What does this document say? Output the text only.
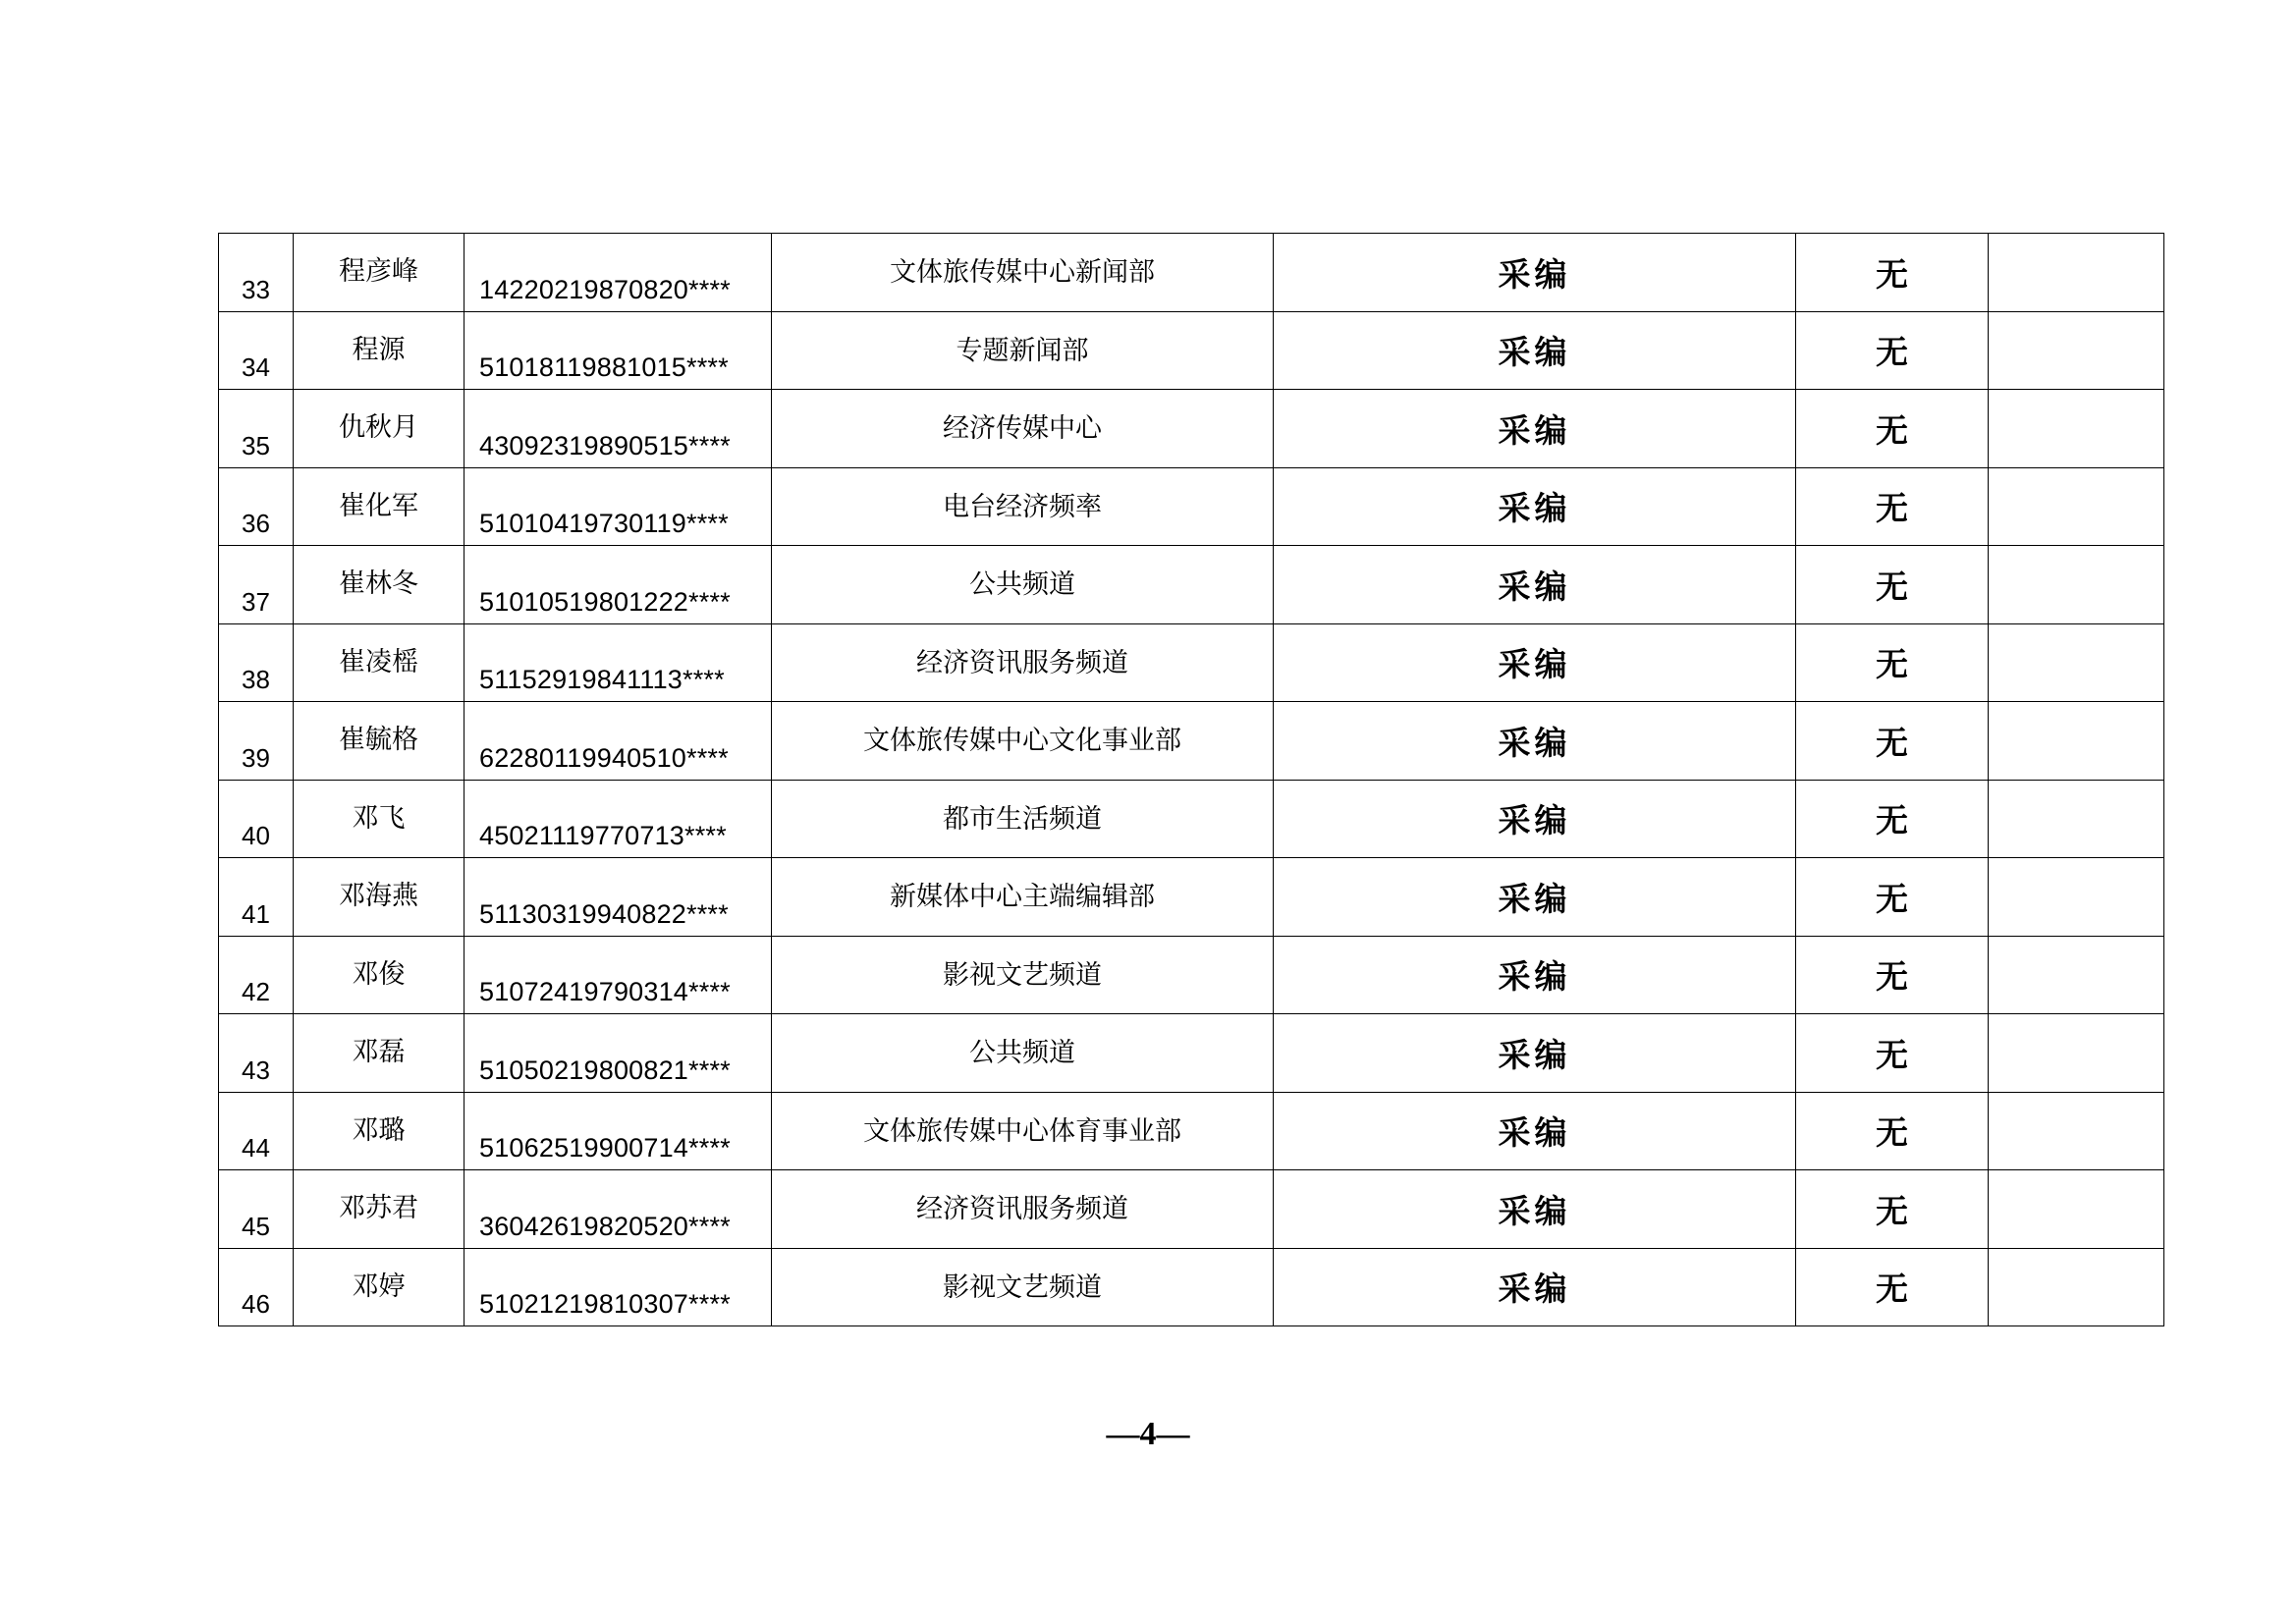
33	程彦峰	14220219870820****	文体旅传媒中心新闻部	采编	无	

34	程源	51018119881015****	专题新闻部	采编	无	

35	仇秋月	43092319890515****	经济传媒中心	采编	无	

36	崔化军	51010419730119****	电台经济频率	采编	无	

37	崔林冬	51010519801222****	公共频道	采编	无	

38	崔凌榣	51152919841113****	经济资讯服务频道	采编	无	

39	崔毓格	62280119940510****	文体旅传媒中心文化事业部	采编	无	

40	邓飞	45021119770713****	都市生活频道	采编	无	

41	邓海燕	51130319940822****	新媒体中心主端编辑部	采编	无	

42	邓俊	51072419790314****	影视文艺频道	采编	无	

43	邓磊	51050219800821****	公共频道	采编	无	

44	邓璐	51062519900714****	文体旅传媒中心体育事业部	采编	无	

45	邓苏君	36042619820520****	经济资讯服务频道	采编	无	

46	邓婷	51021219810307****	影视文艺频道	采编	无	
—4—
